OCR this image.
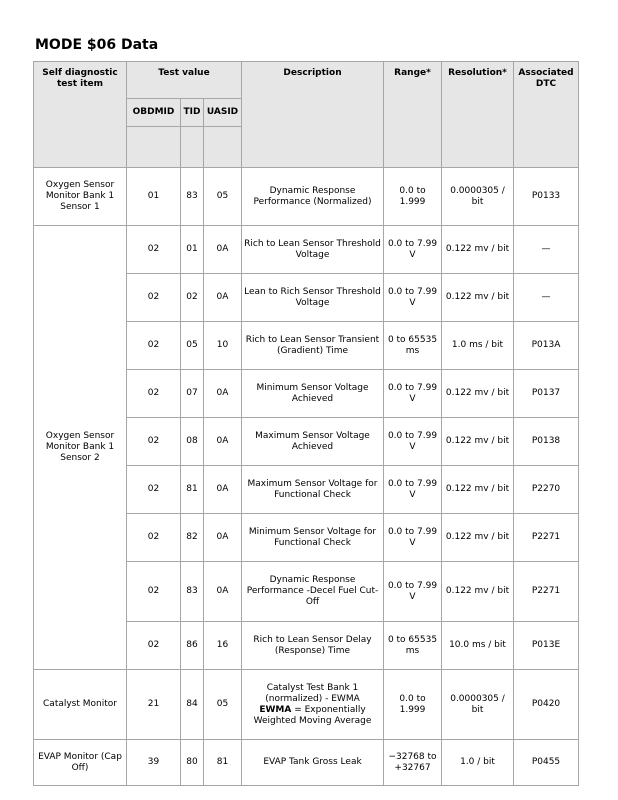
MODE $06 Data
Self diagnostic test item	Test value			Description	Range*	Resolution*	Associated DTC
	OBDMID	TID	UASID				

Oxygen Sensor Monitor Bank 1 Sensor 1	01	83	05	Dynamic Response Performance (Normalized)	0.0 to 1.999	0.0000305 / bit	P0133
Oxygen Sensor Monitor Bank 1 Sensor 2	02	01	0A	Rich to Lean Sensor Threshold Voltage	0.0 to 7.99 V	0.122 mv / bit	—
	02	02	0A	Lean to Rich Sensor Threshold Voltage	0.0 to 7.99 V	0.122 mv / bit	—
	02	05	10	Rich to Lean Sensor Transient (Gradient) Time	0 to 65535 ms	1.0 ms / bit	P013A
	02	07	0A	Minimum Sensor Voltage Achieved	0.0 to 7.99 V	0.122 mv / bit	P0137
	02	08	0A	Maximum Sensor Voltage Achieved	0.0 to 7.99 V	0.122 mv / bit	P0138
	02	81	0A	Maximum Sensor Voltage for Functional Check	0.0 to 7.99 V	0.122 mv / bit	P2270
	02	82	0A	Minimum Sensor Voltage for Functional Check	0.0 to 7.99 V	0.122 mv / bit	P2271
	02	83	0A	Dynamic Response Performance -Decel Fuel Cut-Off	0.0 to 7.99 V	0.122 mv / bit	P2271
	02	86	16	Rich to Lean Sensor Delay (Response) Time	0 to 65535 ms	10.0 ms / bit	P013E
Catalyst Monitor	21	84	05	Catalyst Test Bank 1 (normalized) - EWMA
EWMA = Exponentially Weighted Moving Average	0.0 to 1.999	0.0000305 / bit	P0420
EVAP Monitor (Cap Off)	39	80	81	EVAP Tank Gross Leak	−32768 to +32767	1.0 / bit	P0455
